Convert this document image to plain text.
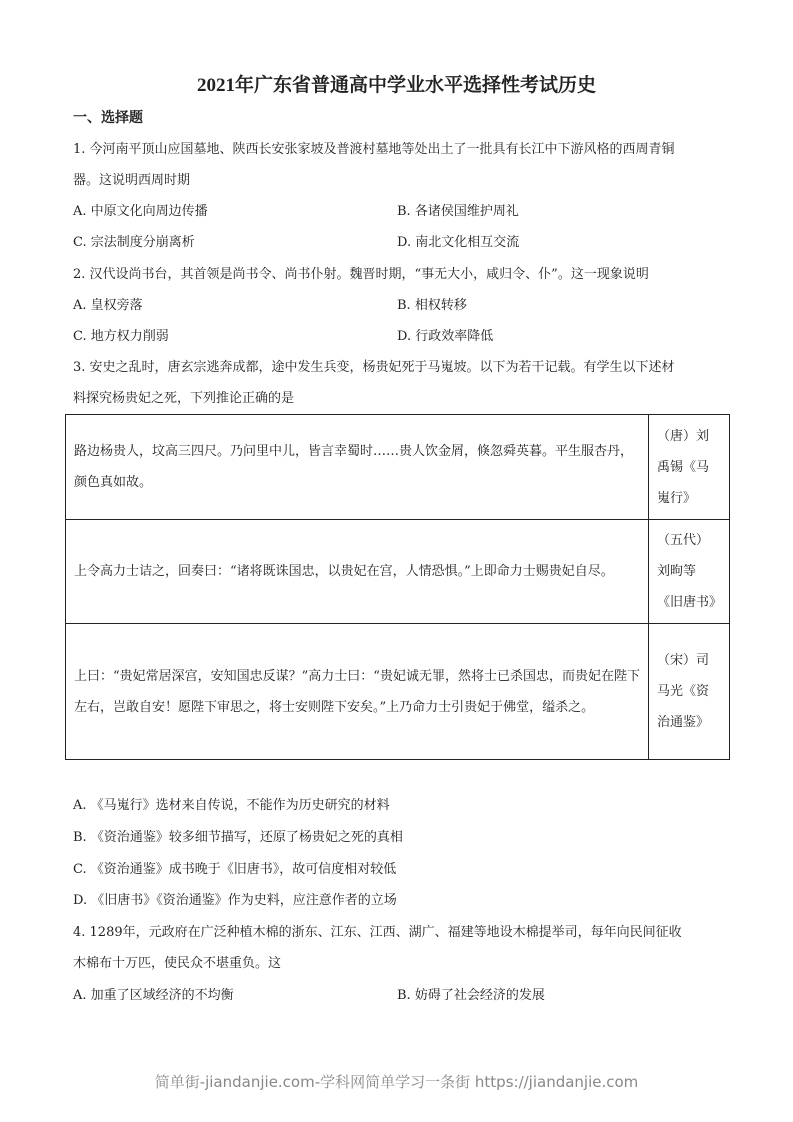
2021年广东省普通高中学业水平选择性考试历史
一、选择题
1. 今河南平顶山应国墓地、陕西长安张家坡及普渡村墓地等处出土了一批具有长江中下游风格的西周青铜
器。这说明西周时期
A. 中原文化向周边传播	B. 各诸侯国维护周礼
C. 宗法制度分崩离析	D. 南北文化相互交流
2. 汉代设尚书台，其首领是尚书令、尚书仆射。魏晋时期，“事无大小，咸归令、仆”。这一现象说明
A. 皇权旁落	B. 相权转移
C. 地方权力削弱	D. 行政效率降低
3. 安史之乱时，唐玄宗逃奔成都，途中发生兵变，杨贵妃死于马嵬坡。以下为若干记载。有学生以下述材
料探究杨贵妃之死，下列推论正确的是
路边杨贵人，坟高三四尺。乃问里中儿，皆言幸蜀时……贵人饮金屑，倏忽舜英暮。平生服杏丹，颜色真如故。	（唐）刘禹锡《马嵬行》
上令高力士诘之，回奏曰：“诸将既诛国忠，以贵妃在宫，人情恐惧。”上即命力士赐贵妃自尽。	（五代）刘昫等《旧唐书》
上曰：“贵妃常居深宫，安知国忠反谋？”高力士曰：“贵妃诚无罪，然将士已杀国忠，而贵妃在陛下左右，岂敢自安！愿陛下审思之，将士安则陛下安矣。”上乃命力士引贵妃于佛堂，缢杀之。	（宋）司马光《资治通鉴》
A. 《马嵬行》选材来自传说，不能作为历史研究的材料
B. 《资治通鉴》较多细节描写，还原了杨贵妃之死的真相
C. 《资治通鉴》成书晚于《旧唐书》，故可信度相对较低
D. 《旧唐书》《资治通鉴》作为史料，应注意作者的立场
4. 1289年，元政府在广泛种植木棉的浙东、江东、江西、湖广、福建等地设木棉提举司，每年向民间征收
木棉布十万匹，使民众不堪重负。这
A. 加重了区域经济的不均衡	B. 妨碍了社会经济的发展
简单街-jiandanjie.com-学科网简单学习一条街 https://jiandanjie.com
